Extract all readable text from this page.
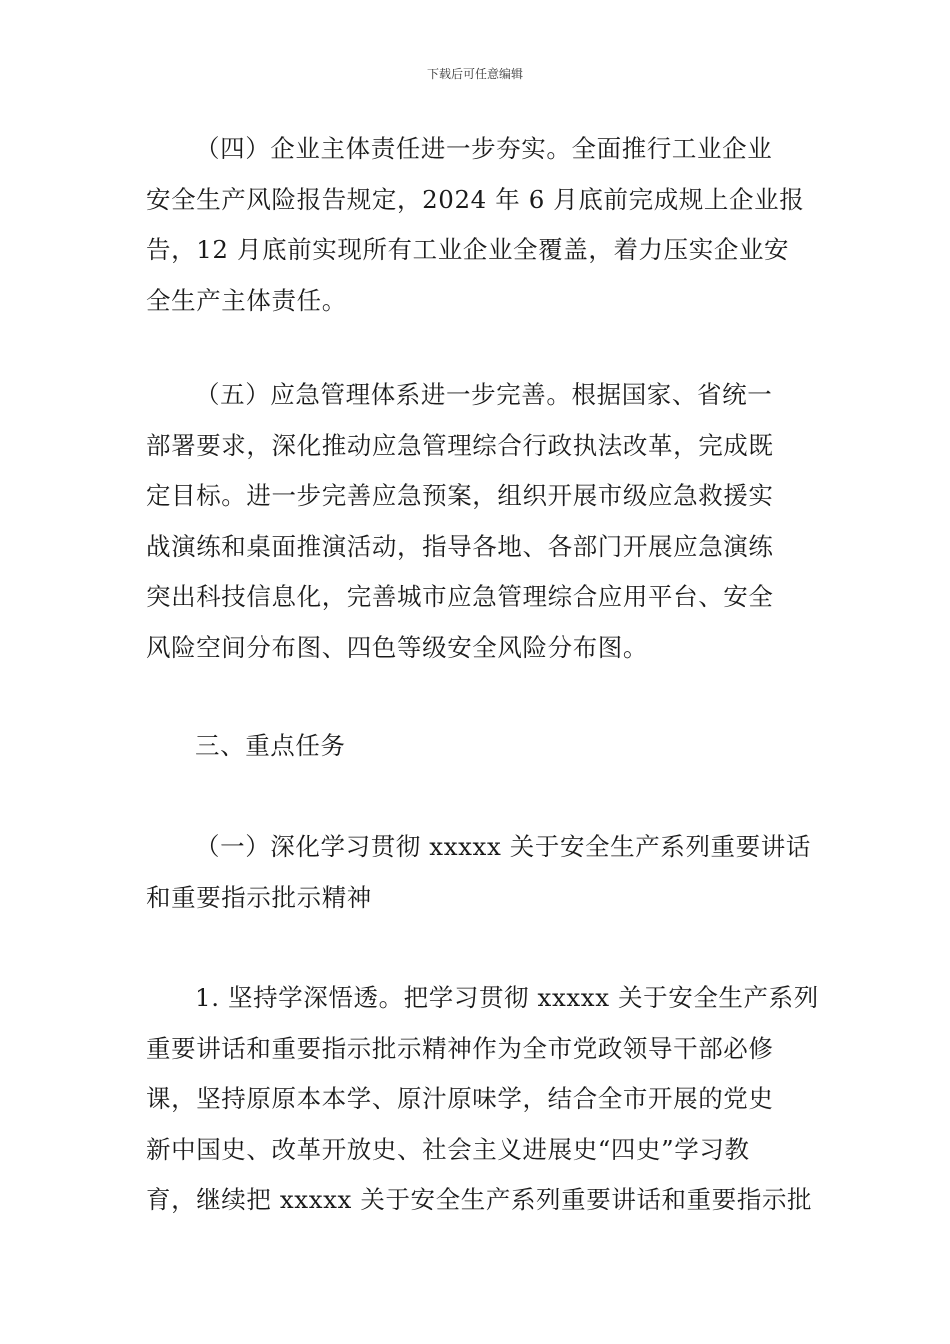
下载后可任意编辑
（四）企业主体责任进一步夯实。全面推行工业企业
安全生产风险报告规定，2024 年 6 月底前完成规上企业报
告，12 月底前实现所有工业企业全覆盖，着力压实企业安
全生产主体责任。
（五）应急管理体系进一步完善。根据国家、省统一
部署要求，深化推动应急管理综合行政执法改革，完成既
定目标。进一步完善应急预案，组织开展市级应急救援实
战演练和桌面推演活动，指导各地、各部门开展应急演练
突出科技信息化，完善城市应急管理综合应用平台、安全
风险空间分布图、四色等级安全风险分布图。
三、重点任务
（一）深化学习贯彻 xxxxx 关于安全生产系列重要讲话
和重要指示批示精神
1. 坚持学深悟透。把学习贯彻 xxxxx 关于安全生产系列
重要讲话和重要指示批示精神作为全市党政领导干部必修
课，坚持原原本本学、原汁原味学，结合全市开展的党史
新中国史、改革开放史、社会主义进展史“四史”学习教
育，继续把 xxxxx 关于安全生产系列重要讲话和重要指示批
